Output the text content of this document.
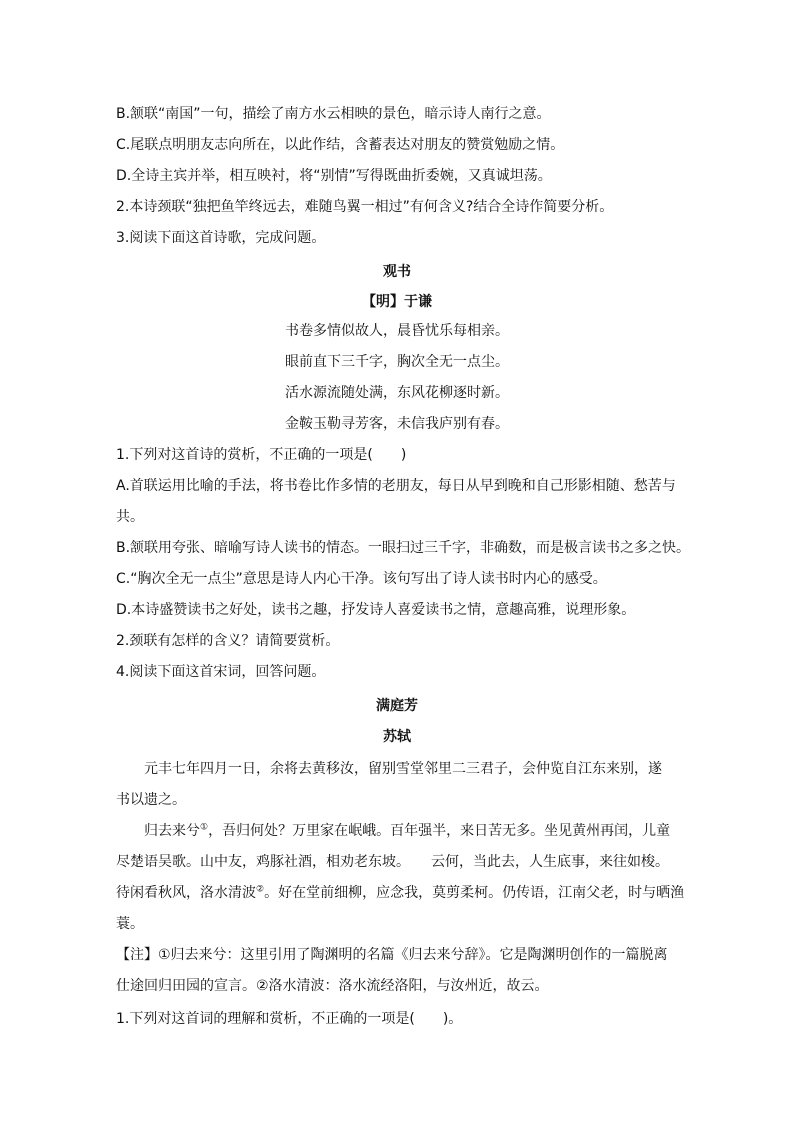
B.颔联“南国”一句，描绘了南方水云相映的景色，暗示诗人南行之意。
C.尾联点明朋友志向所在，以此作结，含蓄表达对朋友的赞赏勉励之情。
D.全诗主宾并举，相互映衬，将“别情”写得既曲折委婉，又真诚坦荡。
2.本诗颈联“独把鱼竿终远去，难随鸟翼一相过”有何含义?结合全诗作简要分析。
3.阅读下面这首诗歌，完成问题。
观书
【明】于谦
书卷多情似故人，晨昏忧乐每相亲。
眼前直下三千字，胸次全无一点尘。
活水源流随处满，东风花柳逐时新。
金鞍玉勒寻芳客，未信我庐别有春。
1.下列对这首诗的赏析，不正确的一项是(　　)
A.首联运用比喻的手法，将书卷比作多情的老朋友，每日从早到晚和自己形影相随、愁苦与
共。
B.颔联用夸张、暗喻写诗人读书的情态。一眼扫过三千字，非确数，而是极言读书之多之快。
C.“胸次全无一点尘”意思是诗人内心干净。该句写出了诗人读书时内心的感受。
D.本诗盛赞读书之好处，读书之趣，抒发诗人喜爱读书之情，意趣高雅，说理形象。
2.颈联有怎样的含义？请简要赏析。
4.阅读下面这首宋词，回答问题。
满庭芳
苏轼
元丰七年四月一日，余将去黄移汝，留别雪堂邻里二三君子，会仲览自江东来别，遂
书以遗之。
归去来兮①，吾归何处？万里家在岷峨。百年强半，来日苦无多。坐见黄州再闰，儿童
尽楚语吴歌。山中友，鸡豚社酒，相劝老东坡。　　云何，当此去，人生底事，来往如梭。
待闲看秋风，洛水清波②。好在堂前细柳，应念我，莫剪柔柯。仍传语，江南父老，时与晒渔
蓑。
【注】①归去来兮：这里引用了陶渊明的名篇《归去来兮辞》。它是陶渊明创作的一篇脱离
仕途回归田园的宣言。②洛水清波：洛水流经洛阳，与汝州近，故云。
1.下列对这首词的理解和赏析，不正确的一项是(　　)。
